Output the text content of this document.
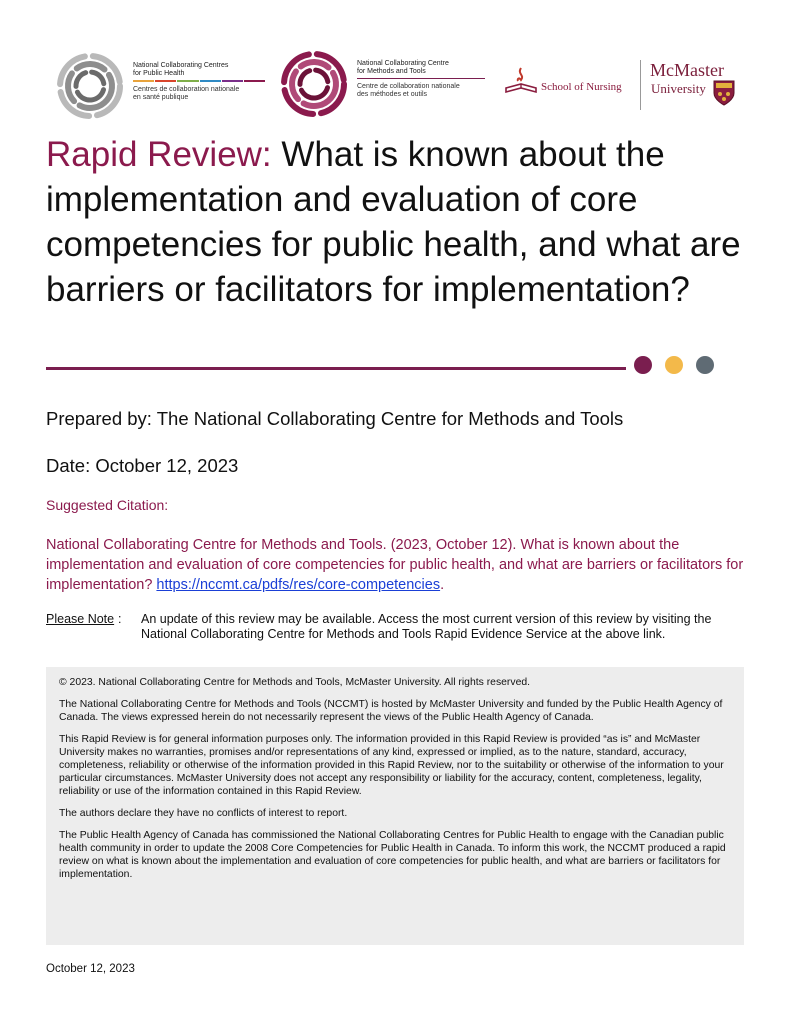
National Collaborating Centres
for Public Health
Centres de collaboration nationale
en santé publique
National Collaborating Centre
for Methods and Tools
Centre de collaboration nationale
des méthodes et outils
School of Nursing
McMaster
University
Rapid Review: What is known about the implementation and evaluation of core competencies for public health, and what are barriers or facilitators for implementation?
Prepared by: The National Collaborating Centre for Methods and Tools
Date: October 12, 2023
Suggested Citation:
National Collaborating Centre for Methods and Tools. (2023, October 12). What is known about the implementation and evaluation of core competencies for public health, and what are barriers or facilitators for implementation? https://nccmt.ca/pdfs/res/core-competencies.
Please Note : An update of this review may be available. Access the most current version of this review by visiting the National Collaborating Centre for Methods and Tools Rapid Evidence Service at the above link.

© 2023. National Collaborating Centre for Methods and Tools, McMaster University. All rights reserved.

The National Collaborating Centre for Methods and Tools (NCCMT) is hosted by McMaster University and funded by the Public Health Agency of Canada. The views expressed herein do not necessarily represent the views of the Public Health Agency of Canada.

This Rapid Review is for general information purposes only. The information provided in this Rapid Review is provided “as is” and McMaster University makes no warranties, promises and/or representations of any kind, expressed or implied, as to the nature, standard, accuracy, completeness, reliability or otherwise of the information provided in this Rapid Review, nor to the suitability or otherwise of the information to your particular circumstances. McMaster University does not accept any responsibility or liability for the accuracy, content, completeness, legality, reliability or use of the information contained in this Rapid Review.

The authors declare they have no conflicts of interest to report.

The Public Health Agency of Canada has commissioned the National Collaborating Centres for Public Health to engage with the Canadian public health community in order to update the 2008 Core Competencies for Public Health in Canada. To inform this work, the NCCMT produced a rapid review on what is known about the implementation and evaluation of core competencies for public health, and what are barriers or facilitators for implementation.

October 12, 2023
